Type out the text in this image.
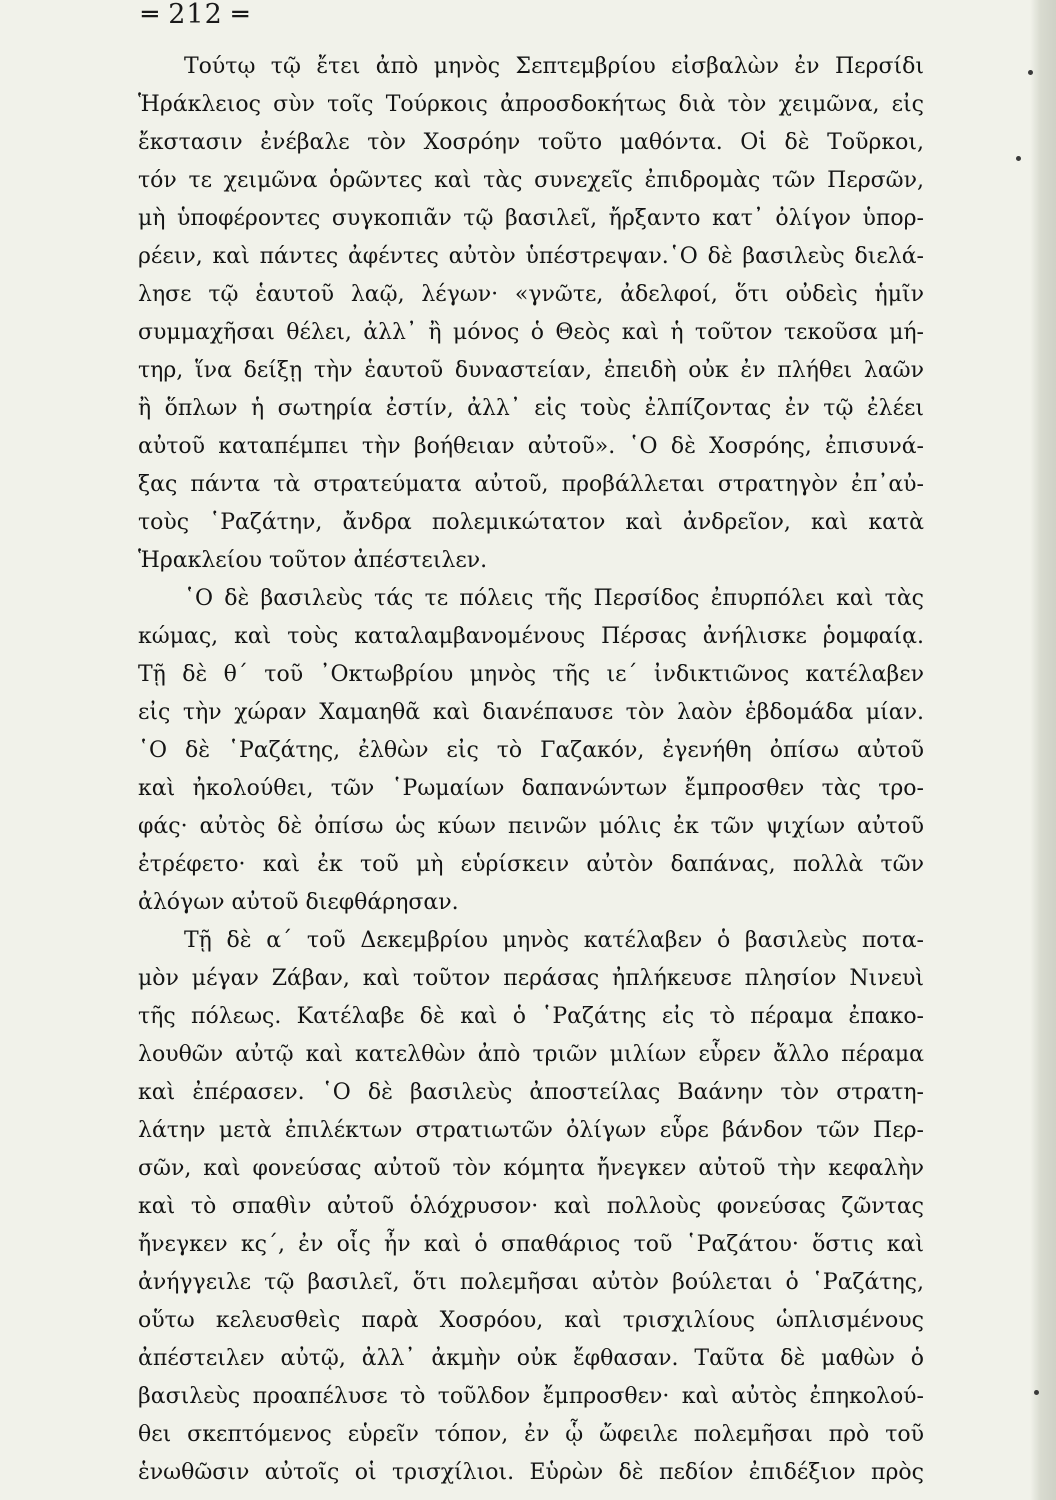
═ 212 ═
Τούτῳ τῷ ἔτει ἀπὸ μηνὸς Σεπτεμβρίου εἰσβαλὼν ἐν Περσίδι
Ἡράκλειος σὺν τοῖς Τούρκοις ἀπροσδοκήτως διὰ τὸν χειμῶνα, εἰς
ἔκστασιν ἐνέβαλε τὸν Χοσρόην τοῦτο μαθόντα. Οἱ δὲ Τοῦρκοι,
τόν τε χειμῶνα ὁρῶντες καὶ τὰς συνεχεῖς ἐπιδρομὰς τῶν Περσῶν,
μὴ ὑποφέροντες συγκοπιᾶν τῷ βασιλεῖ, ἤρξαντο κατ᾽ ὀλίγον ὑπορ-
ρέειν, καὶ πάντες ἀφέντες αὐτὸν ὑπέστρεψαν.῾Ο δὲ βασιλεὺς διελά-
λησε τῷ ἑαυτοῦ λαῷ, λέγων· «γνῶτε, ἀδελφοί, ὅτι οὐδεὶς ἡμῖν
συμμαχῆσαι θέλει, ἀλλ᾽ ἢ μόνος ὁ Θεὸς καὶ ἡ τοῦτον τεκοῦσα μή-
τηρ, ἵνα δείξῃ τὴν ἑαυτοῦ δυναστείαν, ἐπειδὴ οὐκ ἐν πλήθει λαῶν
ἢ ὅπλων ἡ σωτηρία ἐστίν, ἀλλ᾽ εἰς τοὺς ἐλπίζοντας ἐν τῷ ἐλέει
αὐτοῦ καταπέμπει τὴν βοήθειαν αὐτοῦ». ῾Ο δὲ Χοσρόης, ἐπισυνά-
ξας πάντα τὰ στρατεύματα αὐτοῦ, προβάλλεται στρατηγὸν ἐπ᾽αὐ-
τοὺς ῾Ραζάτην, ἄνδρα πολεμικώτατον καὶ ἀνδρεῖον, καὶ κατὰ
Ἡρακλείου τοῦτον ἀπέστειλεν.
῾Ο δὲ βασιλεὺς τάς τε πόλεις τῆς Περσίδος ἐπυρπόλει καὶ τὰς
κώμας, καὶ τοὺς καταλαμβανομένους Πέρσας ἀνήλισκε ῥομφαίᾳ.
Τῇ δὲ θ´ τοῦ ᾽Οκτωβρίου μηνὸς τῆς ιε´ ἰνδικτιῶνος κατέλαβεν
εἰς τὴν χώραν Χαμαηθᾶ καὶ διανέπαυσε τὸν λαὸν ἑβδομάδα μίαν.
῾Ο δὲ ῾Ραζάτης, ἐλθὼν εἰς τὸ Γαζακόν, ἐγενήθη ὀπίσω αὐτοῦ
καὶ ἠκολούθει, τῶν ῾Ρωμαίων δαπανώντων ἔμπροσθεν τὰς τρο-
φάς· αὐτὸς δὲ ὀπίσω ὡς κύων πεινῶν μόλις ἐκ τῶν ψιχίων αὐτοῦ
ἐτρέφετο· καὶ ἐκ τοῦ μὴ εὑρίσκειν αὐτὸν δαπάνας, πολλὰ τῶν
ἀλόγων αὐτοῦ διεφθάρησαν.
Τῇ δὲ α´ τοῦ Δεκεμβρίου μηνὸς κατέλαβεν ὁ βασιλεὺς ποτα-
μὸν μέγαν Ζάβαν, καὶ τοῦτον περάσας ἠπλήκευσε πλησίον Νινευὶ
τῆς πόλεως. Κατέλαβε δὲ καὶ ὁ ῾Ραζάτης εἰς τὸ πέραμα ἐπακο-
λουθῶν αὐτῷ καὶ κατελθὼν ἀπὸ τριῶν μιλίων εὗρεν ἄλλο πέραμα
καὶ ἐπέρασεν. ῾Ο δὲ βασιλεὺς ἀποστείλας Βαάνην τὸν στρατη-
λάτην μετὰ ἐπιλέκτων στρατιωτῶν ὀλίγων εὗρε βάνδον τῶν Περ-
σῶν, καὶ φονεύσας αὐτοῦ τὸν κόμητα ἤνεγκεν αὐτοῦ τὴν κεφαλὴν
καὶ τὸ σπαθὶν αὐτοῦ ὁλόχρυσον· καὶ πολλοὺς φονεύσας ζῶντας
ἤνεγκεν κς´, ἐν οἷς ἦν καὶ ὁ σπαθάριος τοῦ ῾Ραζάτου· ὅστις καὶ
ἀνήγγειλε τῷ βασιλεῖ, ὅτι πολεμῆσαι αὐτὸν βούλεται ὁ ῾Ραζάτης,
οὕτω κελευσθεὶς παρὰ Χοσρόου, καὶ τρισχιλίους ὡπλισμένους
ἀπέστειλεν αὐτῷ, ἀλλ᾽ ἀκμὴν οὐκ ἔφθασαν. Ταῦτα δὲ μαθὼν ὁ
βασιλεὺς προαπέλυσε τὸ τοῦλδον ἔμπροσθεν· καὶ αὐτὸς ἐπηκολού-
θει σκεπτόμενος εὑρεῖν τόπον, ἐν ᾧ ὤφειλε πολεμῆσαι πρὸ τοῦ
ἑνωθῶσιν αὐτοῖς οἱ τρισχίλιοι. Εὑρὼν δὲ πεδίον ἐπιδέξιον πρὸς
